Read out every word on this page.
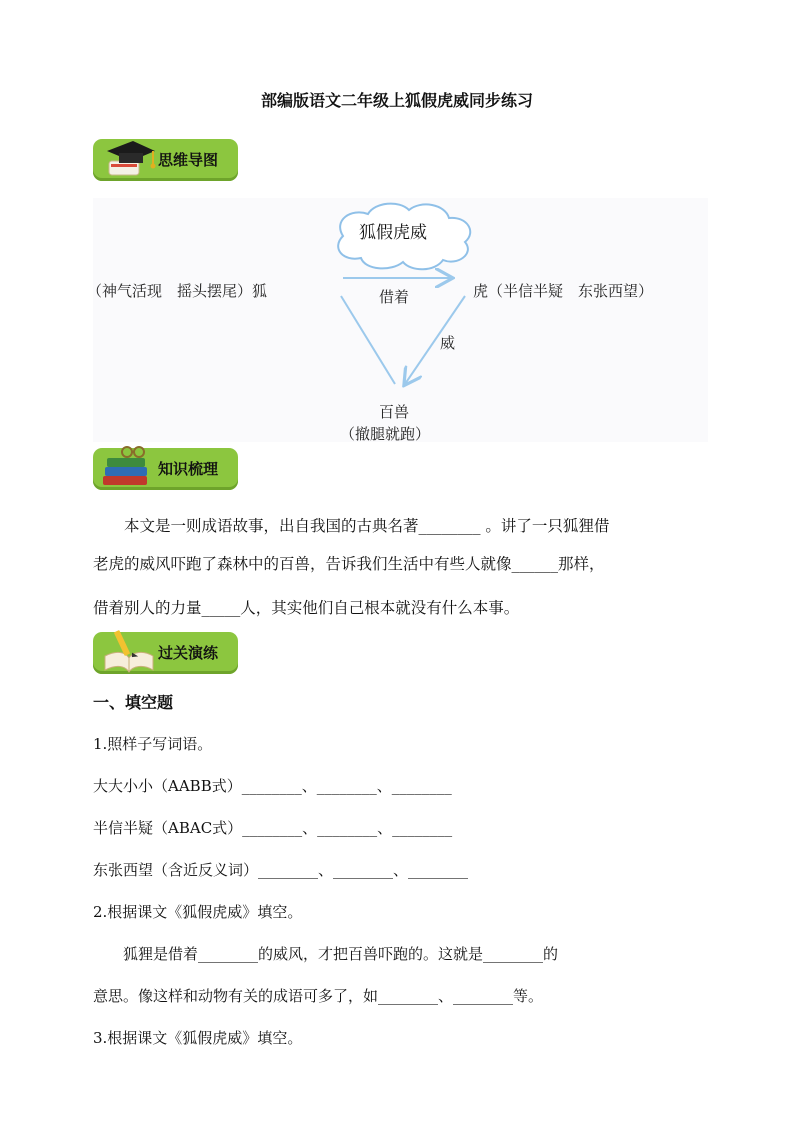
部编版语文二年级上狐假虎威同步练习
思维导图
狐假虎威
（神气活现　摇头摆尾）狐	借着	虎（半信半疑　东张西望）
威
百兽
（撤腿就跑）
知识梳理
　　本文是一则成语故事，出自我国的古典名著________ 。讲了一只狐狸借
老虎的威风吓跑了森林中的百兽，告诉我们生活中有些人就像______那样，
借着别人的力量_____人，其实他们自己根本就没有什么本事。
过关演练
一、填空题
1.照样子写词语。
大大小小（AABB式）________、________、________
半信半疑（ABAC式）________、________、________
东张西望（含近反义词）________、________、________
2.根据课文《狐假虎威》填空。
　　狐狸是借着________的威风，才把百兽吓跑的。这就是________的
意思。像这样和动物有关的成语可多了，如________、________等。
3.根据课文《狐假虎威》填空。
